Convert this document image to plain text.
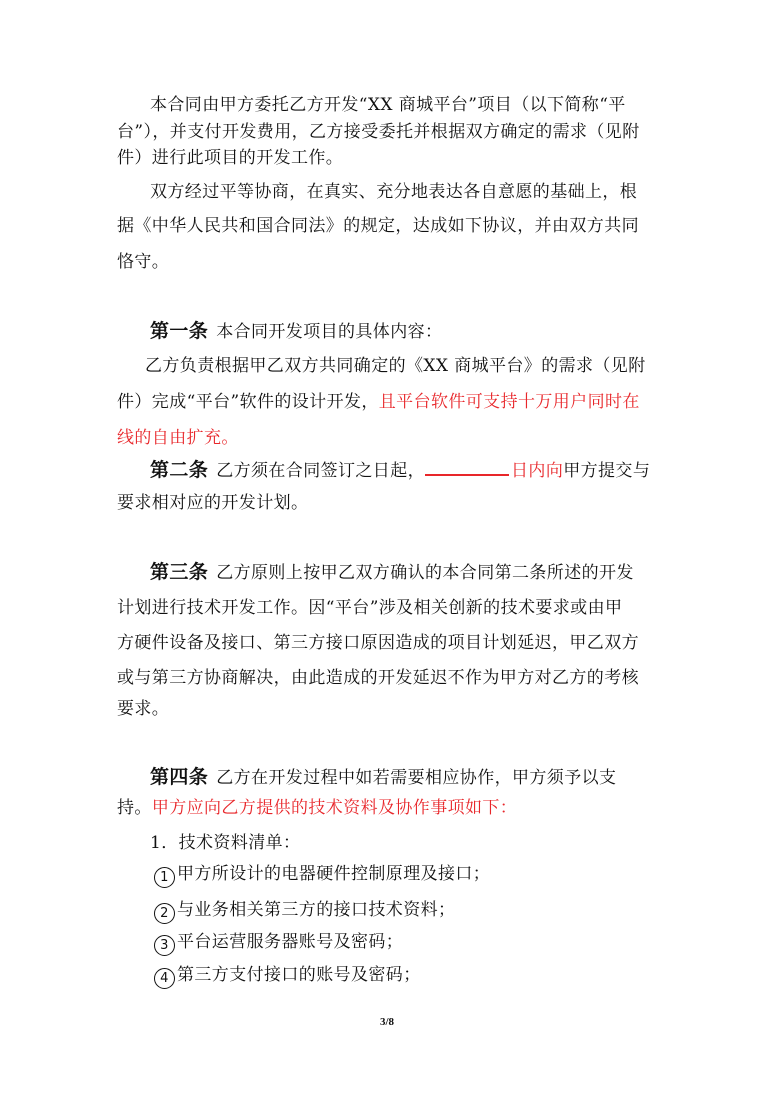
本合同由甲方委托乙方开发“XX 商城平台”项目（以下简称“平
台”），并支付开发费用，乙方接受委托并根据双方确定的需求（见附
件）进行此项目的开发工作。
双方经过平等协商，在真实、充分地表达各自意愿的基础上，根
据《中华人民共和国合同法》的规定，达成如下协议，并由双方共同
恪守。
第一条 本合同开发项目的具体内容：
乙方负责根据甲乙双方共同确定的《XX 商城平台》的需求（见附
件）完成“平台”软件的设计开发，且平台软件可支持十万用户同时在
线的自由扩充。
第二条 乙方须在合同签订之日起，	日内向甲方提交与
要求相对应的开发计划。
第三条 乙方原则上按甲乙双方确认的本合同第二条所述的开发
计划进行技术开发工作。因“平台”涉及相关创新的技术要求或由甲
方硬件设备及接口、第三方接口原因造成的项目计划延迟，甲乙双方
或与第三方协商解决，由此造成的开发延迟不作为甲方对乙方的考核
要求。
第四条 乙方在开发过程中如若需要相应协作，甲方须予以支
持。甲方应向乙方提供的技术资料及协作事项如下：
1．技术资料清单：
1 甲方所设计的电器硬件控制原理及接口；
2 与业务相关第三方的接口技术资料；
3 平台运营服务器账号及密码；
4 第三方支付接口的账号及密码；
3/8
